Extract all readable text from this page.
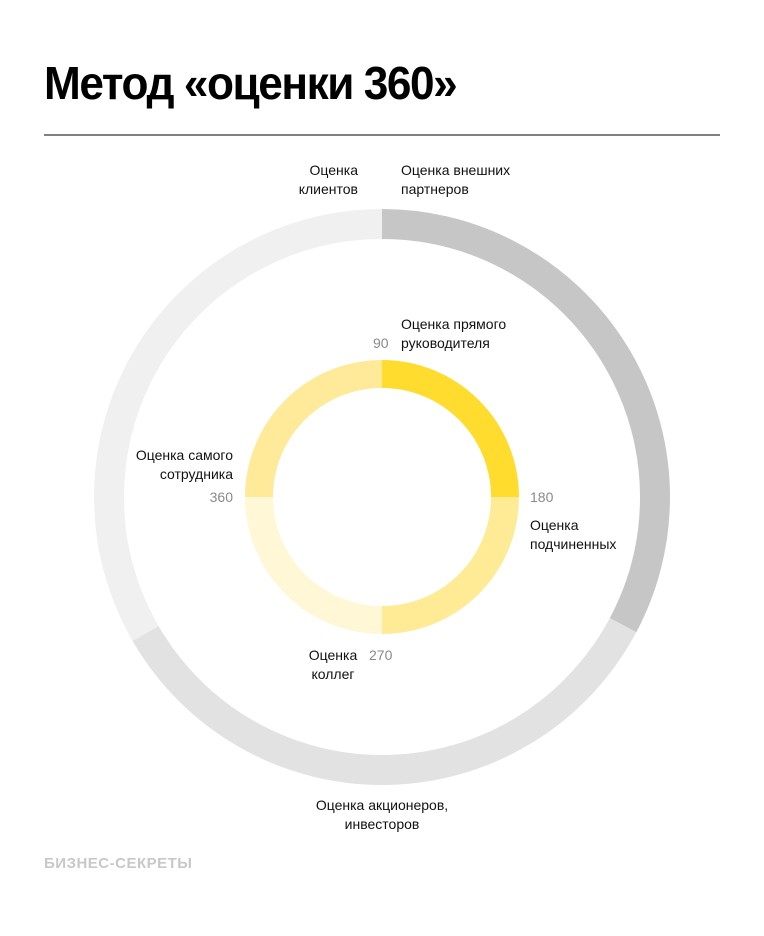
Метод «оценки 360»
Оценка
клиентов
Оценка внешних
партнеров
Оценка акционеров,
инвесторов
Оценка прямого
руководителя
90
180
Оценка
подчиненных
Оценка
коллег
270
Оценка самого
сотрудника
360
БИЗНЕС-СЕКРЕТЫ
